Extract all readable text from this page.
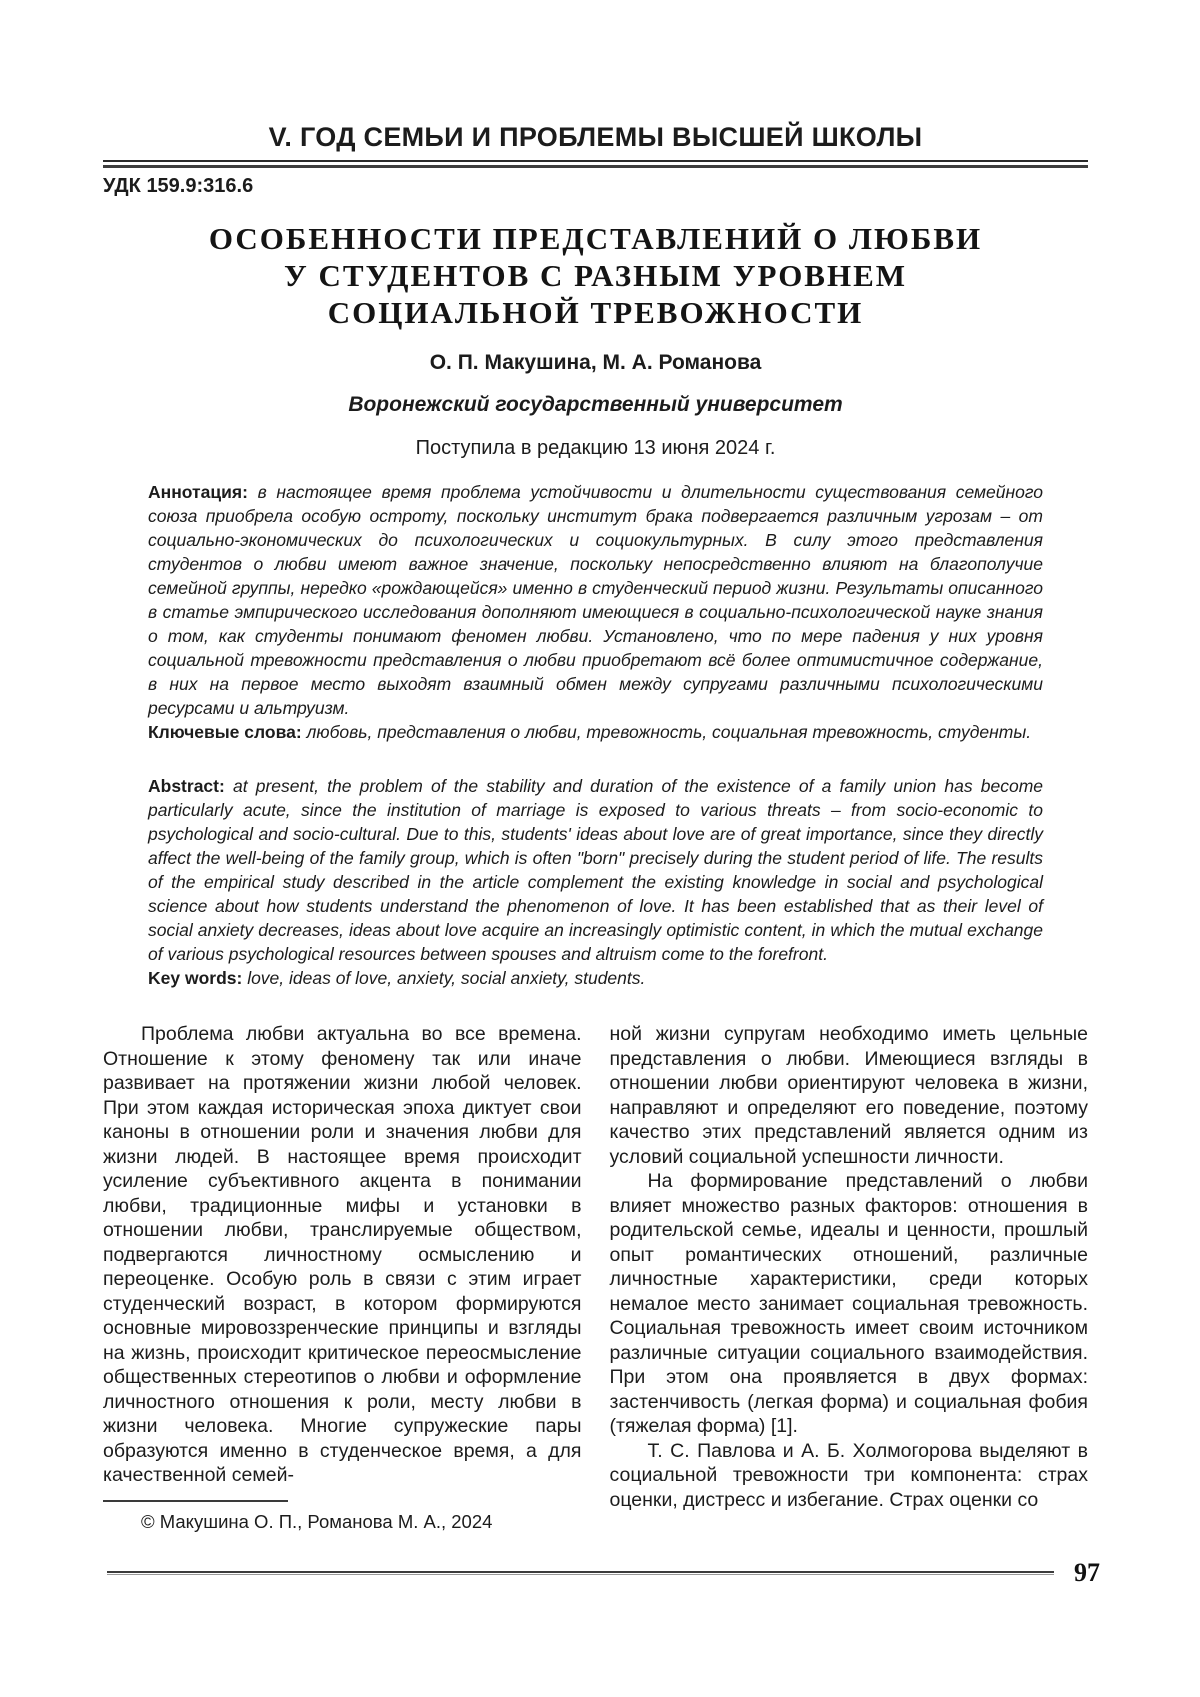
V. ГОД СЕМЬИ И ПРОБЛЕМЫ ВЫСШЕЙ ШКОЛЫ
УДК 159.9:316.6
ОСОБЕННОСТИ ПРЕДСТАВЛЕНИЙ О ЛЮБВИ
У СТУДЕНТОВ С РАЗНЫМ УРОВНЕМ
СОЦИАЛЬНОЙ ТРЕВОЖНОСТИ
О. П. Макушина, М. А. Романова
Воронежский государственный университет
Поступила в редакцию 13 июня 2024 г.

Аннотация: в настоящее время проблема устойчивости и длительности существования семейного союза приобрела особую остроту, поскольку институт брака подвергается различным угрозам – от социально-экономических до психологических и социокультурных. В силу этого представления студентов о любви имеют важное значение, поскольку непосредственно влияют на благополучие семейной группы, нередко «рождающейся» именно в студенческий период жизни. Результаты описанного в статье эмпирического исследования дополняют имеющиеся в социально-психологической науке знания о том, как студенты понимают феномен любви. Установлено, что по мере падения у них уровня социальной тревожности представления о любви приобретают всё более оптимистичное содержание, в них на первое место выходят взаимный обмен между супругами различными психологическими ресурсами и альтруизм.

Ключевые слова: любовь, представления о любви, тревожность, социальная тревожность, студенты.

Abstract: at present, the problem of the stability and duration of the existence of a family union has become particularly acute, since the institution of marriage is exposed to various threats – from socio-economic to psychological and socio-cultural. Due to this, students' ideas about love are of great importance, since they directly affect the well-being of the family group, which is often "born" precisely during the student period of life. The results of the empirical study described in the article complement the existing knowledge in social and psychological science about how students understand the phenomenon of love. It has been established that as their level of social anxiety decreases, ideas about love acquire an increasingly optimistic content, in which the mutual exchange of various psychological resources between spouses and altruism come to the forefront.

Key words: love, ideas of love, anxiety, social anxiety, students.

Проблема любви актуальна во все времена. Отношение к этому феномену так или иначе развивает на протяжении жизни любой человек. При этом каждая историческая эпоха диктует свои каноны в отношении роли и значения любви для жизни людей. В настоящее время происходит усиление субъективного акцента в понимании любви, традиционные мифы и установки в отношении любви, транслируемые обществом, подвергаются личностному осмыслению и переоценке. Особую роль в связи с этим играет студенческий возраст, в котором формируются основные мировоззренческие принципы и взгляды на жизнь, происходит критическое переосмысление общественных стереотипов о любви и оформление личностного отношения к роли, месту любви в жизни человека. Многие супружеские пары образуются именно в студенческое время, а для качественной семей-

© Макушина О. П., Романова М. А., 2024

ной жизни супругам необходимо иметь цельные представления о любви. Имеющиеся взгляды в отношении любви ориентируют человека в жизни, направляют и определяют его поведение, поэтому качество этих представлений является одним из условий социальной успешности личности.

На формирование представлений о любви влияет множество разных факторов: отношения в родительской семье, идеалы и ценности, прошлый опыт романтических отношений, различные личностные характеристики, среди которых немалое место занимает социальная тревожность. Социальная тревожность имеет своим источником различные ситуации социального взаимодействия. При этом она проявляется в двух формах: застенчивость (легкая форма) и социальная фобия (тяжелая форма) [1].

Т. С. Павлова и А. Б. Холмогорова выделяют в социальной тревожности три компонента: страх оценки, дистресс и избегание. Страх оценки со

97
